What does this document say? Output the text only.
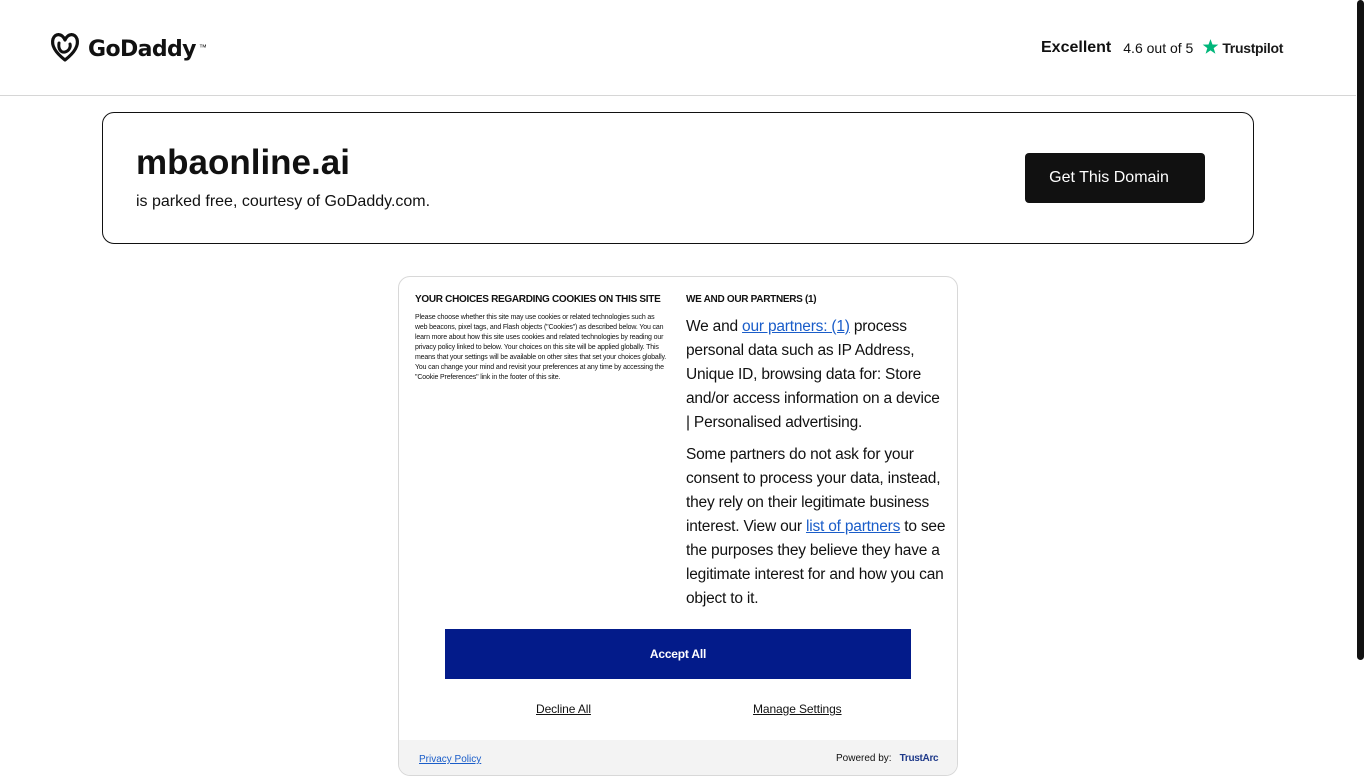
GoDaddy ™	Excellent 4.6 out of 5 Trustpilot
mbaonline.ai
is parked free, courtesy of GoDaddy.com.
Get This Domain
YOUR CHOICES REGARDING COOKIES ON THIS SITE
Please choose whether this site may use cookies or related technologies such as web beacons, pixel tags, and Flash objects ("Cookies") as described below. You can learn more about how this site uses cookies and related technologies by reading our privacy policy linked to below. Your choices on this site will be applied globally. This means that your settings will be available on other sites that set your choices globally. You can change your mind and revisit your preferences at any time by accessing the "Cookie Preferences" link in the footer of this site.
WE AND OUR PARTNERS (1)

We and our partners: (1) process personal data such as IP Address, Unique ID, browsing data for: Store and/or access information on a device | Personalised advertising.

Some partners do not ask for your consent to process your data, instead, they rely on their legitimate business interest. View our list of partners to see the purposes they believe they have a legitimate interest for and how you can object to it.

Accept All
Decline All	Manage Settings
Privacy Policy	Powered by: TrustArc
